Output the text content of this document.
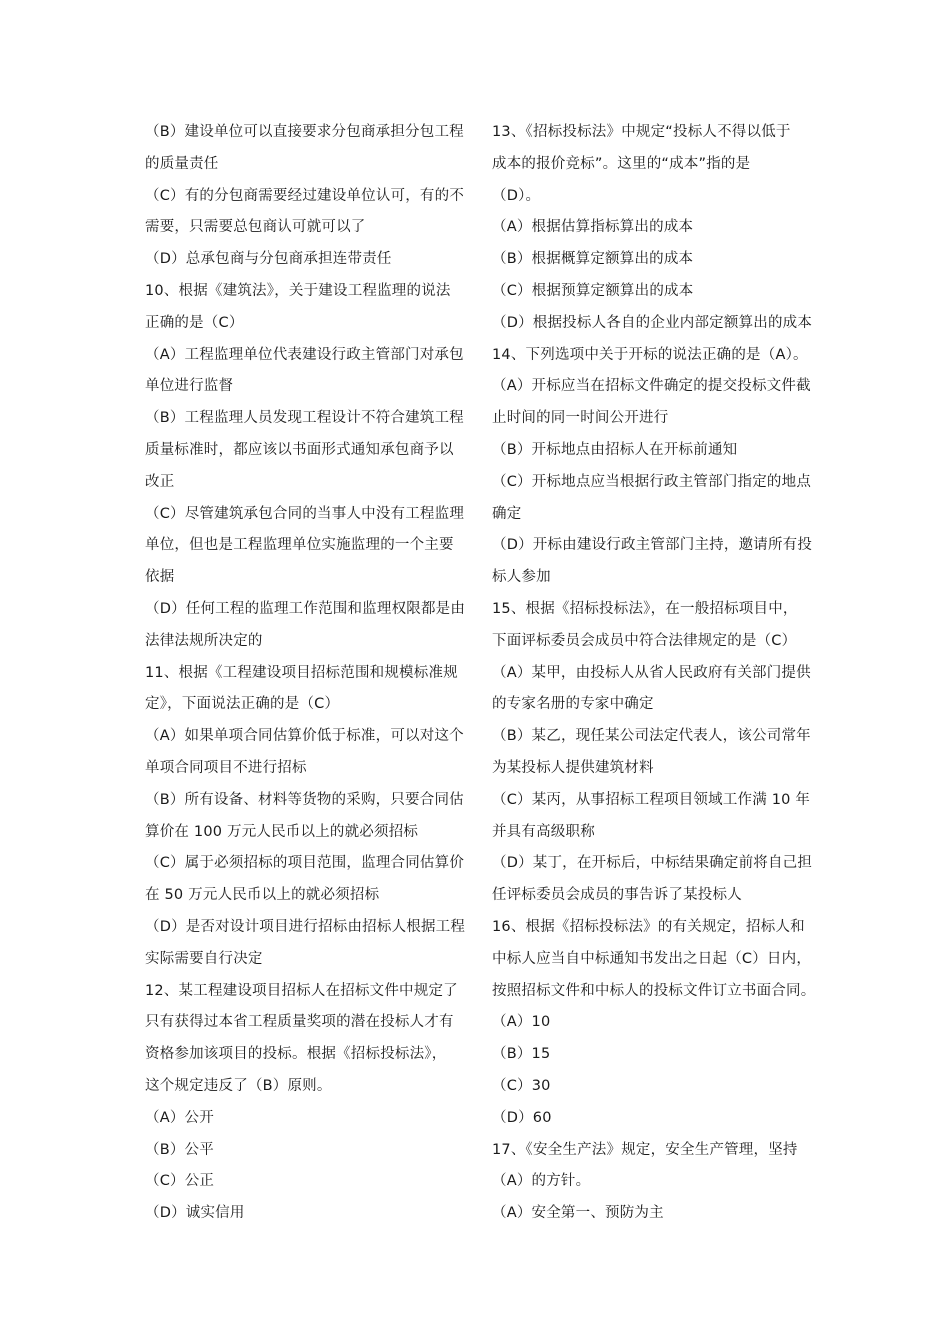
（B）建设单位可以直接要求分包商承担分包工程
的质量责任
（C）有的分包商需要经过建设单位认可，有的不
需要，只需要总包商认可就可以了
（D）总承包商与分包商承担连带责任
10、根据《建筑法》，关于建设工程监理的说法
正确的是（C）
（A）工程监理单位代表建设行政主管部门对承包
单位进行监督
（B）工程监理人员发现工程设计不符合建筑工程
质量标准时，都应该以书面形式通知承包商予以
改正
（C）尽管建筑承包合同的当事人中没有工程监理
单位，但也是工程监理单位实施监理的一个主要
依据
（D）任何工程的监理工作范围和监理权限都是由
法律法规所决定的
11、根据《工程建设项目招标范围和规模标准规
定》，下面说法正确的是（C）
（A）如果单项合同估算价低于标准，可以对这个
单项合同项目不进行招标
（B）所有设备、材料等货物的采购，只要合同估
算价在 100 万元人民币以上的就必须招标
（C）属于必须招标的项目范围，监理合同估算价
在 50 万元人民币以上的就必须招标
（D）是否对设计项目进行招标由招标人根据工程
实际需要自行决定
12、某工程建设项目招标人在招标文件中规定了
只有获得过本省工程质量奖项的潜在投标人才有
资格参加该项目的投标。根据《招标投标法》，
这个规定违反了（B）原则。
（A）公开
（B）公平
（C）公正
（D）诚实信用
13、《招标投标法》中规定“投标人不得以低于
成本的报价竞标”。这里的“成本”指的是
（D）。
（A）根据估算指标算出的成本
（B）根据概算定额算出的成本
（C）根据预算定额算出的成本
（D）根据投标人各自的企业内部定额算出的成本
14、下列选项中关于开标的说法正确的是（A）。
（A）开标应当在招标文件确定的提交投标文件截
止时间的同一时间公开进行
（B）开标地点由招标人在开标前通知
（C）开标地点应当根据行政主管部门指定的地点
确定
（D）开标由建设行政主管部门主持，邀请所有投
标人参加
15、根据《招标投标法》，在一般招标项目中，
下面评标委员会成员中符合法律规定的是（C）
（A）某甲，由投标人从省人民政府有关部门提供
的专家名册的专家中确定
（B）某乙，现任某公司法定代表人，该公司常年
为某投标人提供建筑材料
（C）某丙，从事招标工程项目领域工作满 10 年
并具有高级职称
（D）某丁，在开标后，中标结果确定前将自己担
任评标委员会成员的事告诉了某投标人
16、根据《招标投标法》的有关规定，招标人和
中标人应当自中标通知书发出之日起（C）日内，
按照招标文件和中标人的投标文件订立书面合同。
（A）10
（B）15
（C）30
（D）60
17、《安全生产法》规定，安全生产管理，坚持
（A）的方针。
（A）安全第一、预防为主
